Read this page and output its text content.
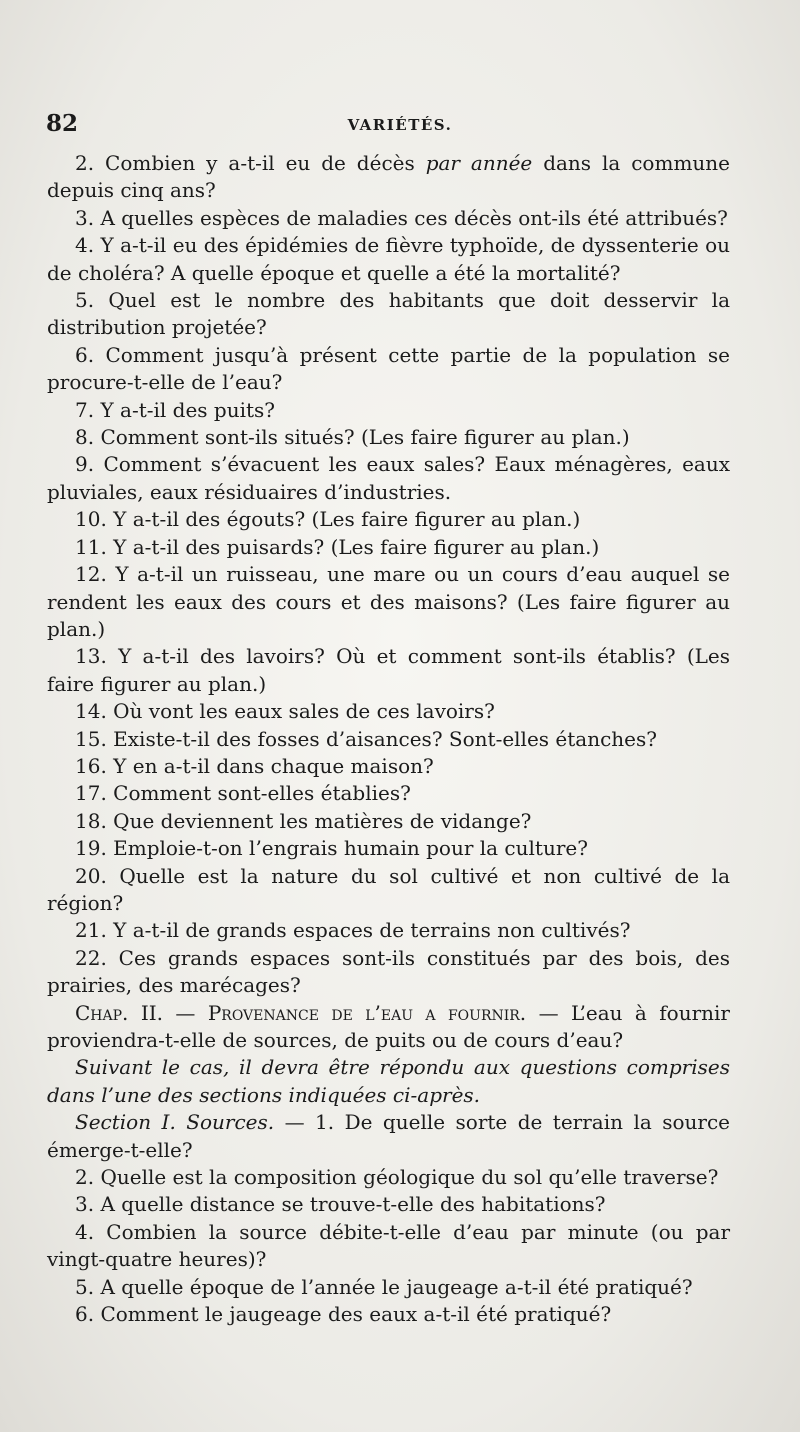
82	VARIÉTÉS.

2. Combien y a-t-il eu de décès par année dans la commune depuis cinq ans?

3. A quelles espèces de maladies ces décès ont-ils été attribués?

4. Y a-t-il eu des épidémies de fièvre typhoïde, de dyssenterie ou de choléra? A quelle époque et quelle a été la mortalité?

5. Quel est le nombre des habitants que doit desservir la distribution projetée?

6. Comment jusqu’à présent cette partie de la population se procure-t-elle de l’eau?

7. Y a-t-il des puits?

8. Comment sont-ils situés? (Les faire figurer au plan.)

9. Comment s’évacuent les eaux sales? Eaux ménagères, eaux pluviales, eaux résiduaires d’industries.

10. Y a-t-il des égouts? (Les faire figurer au plan.)

11. Y a-t-il des puisards? (Les faire figurer au plan.)

12. Y a-t-il un ruisseau, une mare ou un cours d’eau auquel se rendent les eaux des cours et des maisons? (Les faire figurer au plan.)

13. Y a-t-il des lavoirs? Où et comment sont-ils établis? (Les faire figurer au plan.)

14. Où vont les eaux sales de ces lavoirs?

15. Existe-t-il des fosses d’aisances? Sont-elles étanches?

16. Y en a-t-il dans chaque maison?

17. Comment sont-elles établies?

18. Que deviennent les matières de vidange?

19. Emploie-t-on l’engrais humain pour la culture?

20. Quelle est la nature du sol cultivé et non cultivé de la région?

21. Y a-t-il de grands espaces de terrains non cultivés?

22. Ces grands espaces sont-ils constitués par des bois, des prairies, des marécages?

Chap. II. — Provenance de l’eau a fournir. — L’eau à fournir proviendra-t-elle de sources, de puits ou de cours d’eau?

Suivant le cas, il devra être répondu aux questions comprises dans l’une des sections indiquées ci-après.

Section I. Sources. — 1. De quelle sorte de terrain la source émerge-t-elle?

2. Quelle est la composition géologique du sol qu’elle traverse?

3. A quelle distance se trouve-t-elle des habitations?

4. Combien la source débite-t-elle d’eau par minute (ou par vingt-quatre heures)?

5. A quelle époque de l’année le jaugeage a-t-il été pratiqué?

6. Comment le jaugeage des eaux a-t-il été pratiqué?
